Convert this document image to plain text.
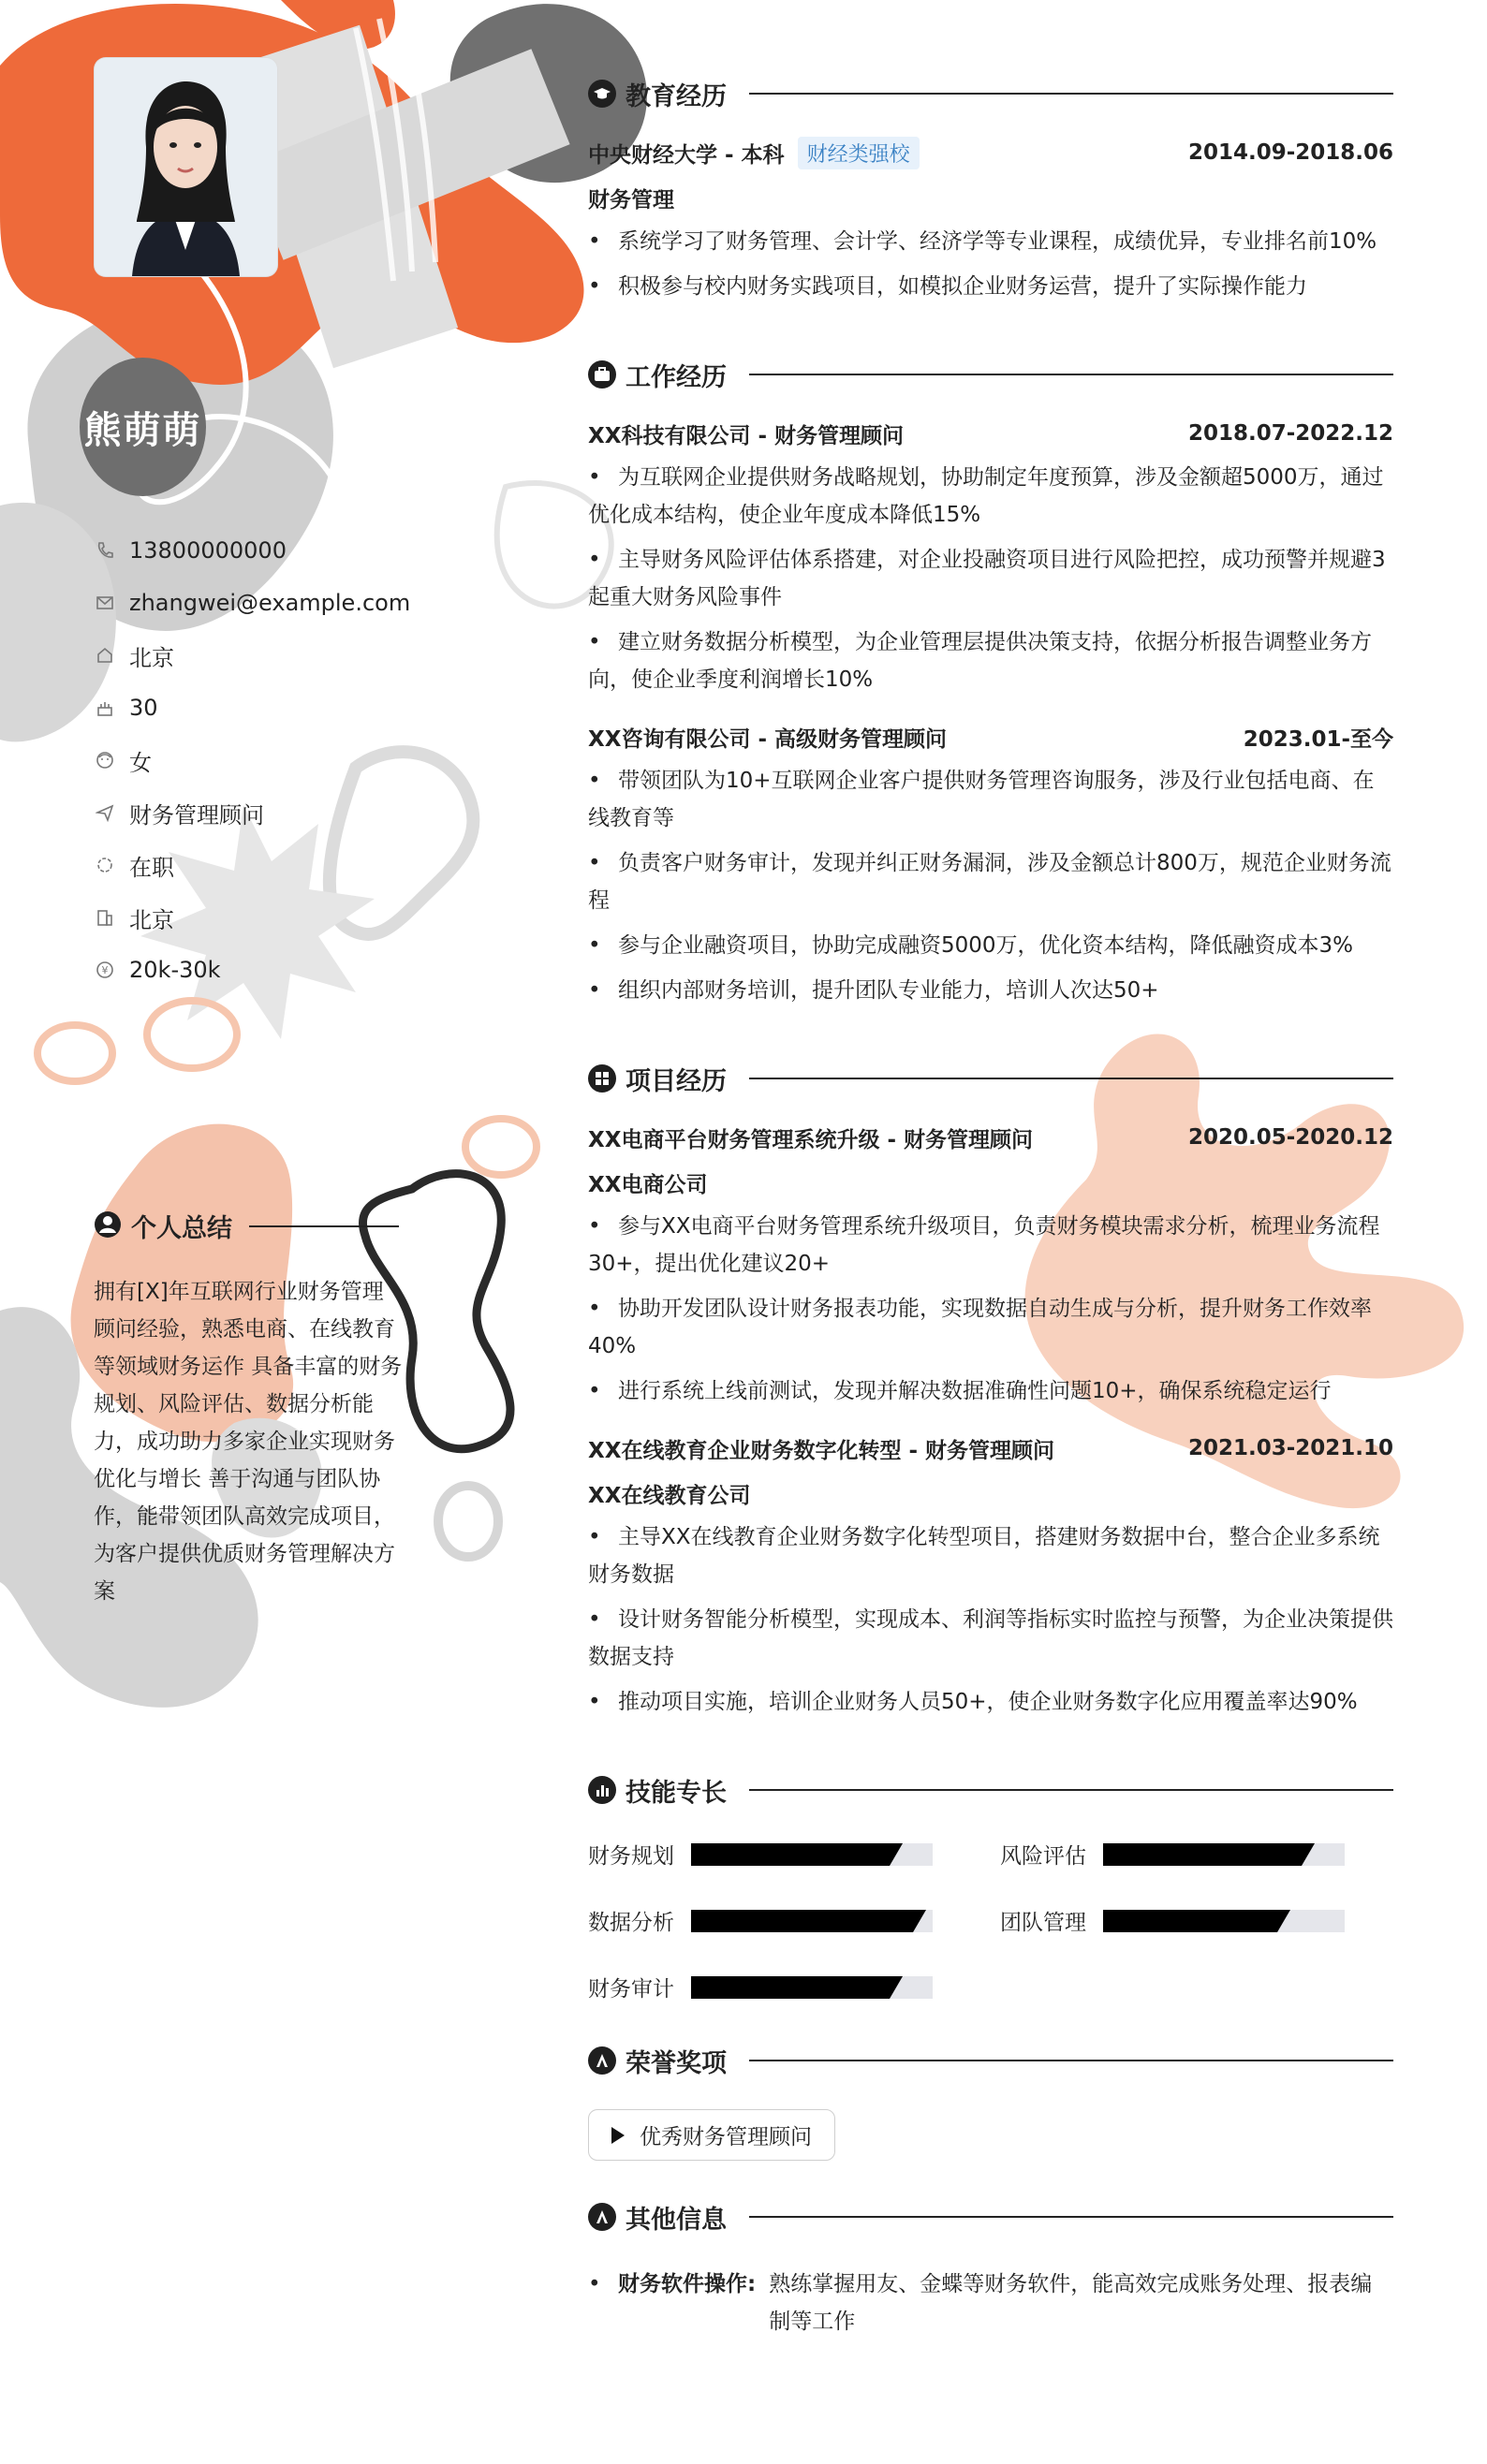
熊萌萌
13800000000
zhangwei@example.com
北京
30
女
财务管理顾问
在职
北京
¥ 20k-30k
个人总结
拥有[X]年互联网行业财务管理顾问经验，熟悉电商、在线教育等领域财务运作 具备丰富的财务规划、风险评估、数据分析能力，成功助力多家企业实现财务优化与增长 善于沟通与团队协作，能带领团队高效完成项目，为客户提供优质财务管理解决方案
教育经历
中央财经大学 - 本科	财经类强校	2014.09-2018.06
财务管理
• 系统学习了财务管理、会计学、经济学等专业课程，成绩优异，专业排名前10%
• 积极参与校内财务实践项目，如模拟企业财务运营，提升了实际操作能力
工作经历
XX科技有限公司 - 财务管理顾问	2018.07-2022.12
• 为互联网企业提供财务战略规划，协助制定年度预算，涉及金额超5000万，通过优化成本结构，使企业年度成本降低15%
• 主导财务风险评估体系搭建，对企业投融资项目进行风险把控，成功预警并规避3起重大财务风险事件
• 建立财务数据分析模型，为企业管理层提供决策支持，依据分析报告调整业务方向，使企业季度利润增长10%
XX咨询有限公司 - 高级财务管理顾问	2023.01-至今
• 带领团队为10+互联网企业客户提供财务管理咨询服务，涉及行业包括电商、在线教育等
• 负责客户财务审计，发现并纠正财务漏洞，涉及金额总计800万，规范企业财务流程
• 参与企业融资项目，协助完成融资5000万，优化资本结构，降低融资成本3%
• 组织内部财务培训，提升团队专业能力，培训人次达50+
项目经历
XX电商平台财务管理系统升级 - 财务管理顾问	2020.05-2020.12
XX电商公司
• 参与XX电商平台财务管理系统升级项目，负责财务模块需求分析，梳理业务流程30+，提出优化建议20+
• 协助开发团队设计财务报表功能，实现数据自动生成与分析，提升财务工作效率40%
• 进行系统上线前测试，发现并解决数据准确性问题10+，确保系统稳定运行
XX在线教育企业财务数字化转型 - 财务管理顾问	2021.03-2021.10
XX在线教育公司
• 主导XX在线教育企业财务数字化转型项目，搭建财务数据中台，整合企业多系统财务数据
• 设计财务智能分析模型，实现成本、利润等指标实时监控与预警，为企业决策提供数据支持
• 推动项目实施，培训企业财务人员50+，使企业财务数字化应用覆盖率达90%
技能专长
财务规划	风险评估
数据分析	团队管理
财务审计
荣誉奖项
优秀财务管理顾问
其他信息
• 财务软件操作: 熟练掌握用友、金蝶等财务软件，能高效完成账务处理、报表编制等工作
